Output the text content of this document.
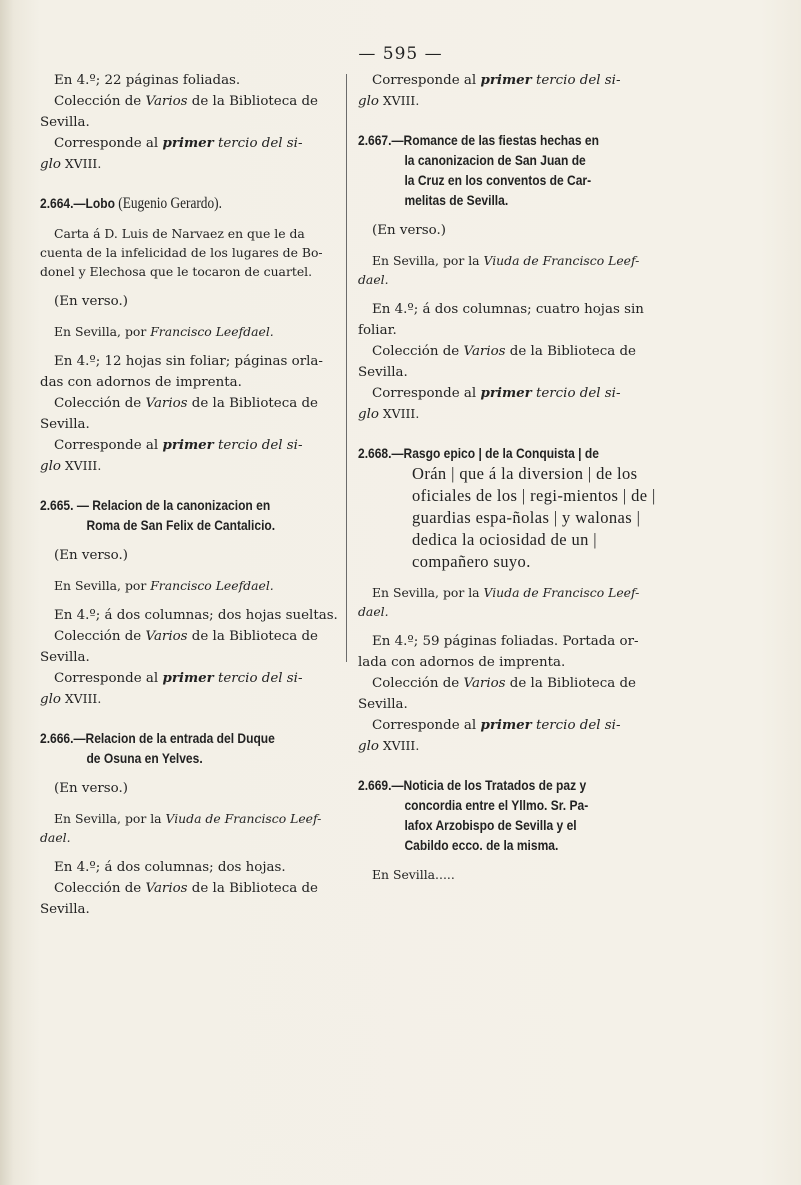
— 595 —

En 4.º; 22 páginas foliadas.

Colección de Varios de la Biblioteca de Sevilla.

Corresponde al primer tercio del si-
glo XVIII.

2.664.—Lobo (Eugenio Gerardo).

Carta á D. Luis de Narvaez en que le da cuenta de la infelicidad de los lugares de Bo-donel y Elechosa que le tocaron de cuartel.

(En verso.)

En Sevilla, por Francisco Leefdael.

En 4.º; 12 hojas sin foliar; páginas orla-das con adornos de imprenta.

Colección de Varios de la Biblioteca de Sevilla.

Corresponde al primer tercio del si-
glo XVIII.

2.665. — Relacion de la canonizacion en
Roma de San Felix de Cantalicio.

(En verso.)

En Sevilla, por Francisco Leefdael.

En 4.º; á dos columnas; dos hojas sueltas.

Colección de Varios de la Biblioteca de Sevilla.

Corresponde al primer tercio del si-
glo XVIII.

2.666.—Relacion de la entrada del Duque
de Osuna en Yelves.

(En verso.)

En Sevilla, por la Viuda de Francisco Leef-dael.

En 4.º; á dos columnas; dos hojas.

Colección de Varios de la Biblioteca de Sevilla.

Corresponde al primer tercio del si-
glo XVIII.

2.667.—Romance de las fiestas hechas en
la canonizacion de San Juan de
la Cruz en los conventos de Car-
melitas de Sevilla.

(En verso.)

En Sevilla, por la Viuda de Francisco Leef-dael.

En 4.º; á dos columnas; cuatro hojas sin foliar.

Colección de Varios de la Biblioteca de Sevilla.

Corresponde al primer tercio del si-
glo XVIII.

2.668.—Rasgo epico | de la Conquista | de

Orán | que á la diversion | de los oficiales de los | regi-mientos | de | guardias espa-ñolas | y walonas | dedica la ociosidad de un | compañero suyo.

En Sevilla, por la Viuda de Francisco Leef-dael.

En 4.º; 59 páginas foliadas. Portada or-lada con adornos de imprenta.

Colección de Varios de la Biblioteca de Sevilla.

Corresponde al primer tercio del si-
glo XVIII.

2.669.—Noticia de los Tratados de paz y
concordia entre el Yllmo. Sr. Pa-
lafox Arzobispo de Sevilla y el
Cabildo ecco. de la misma.

En Sevilla.....
